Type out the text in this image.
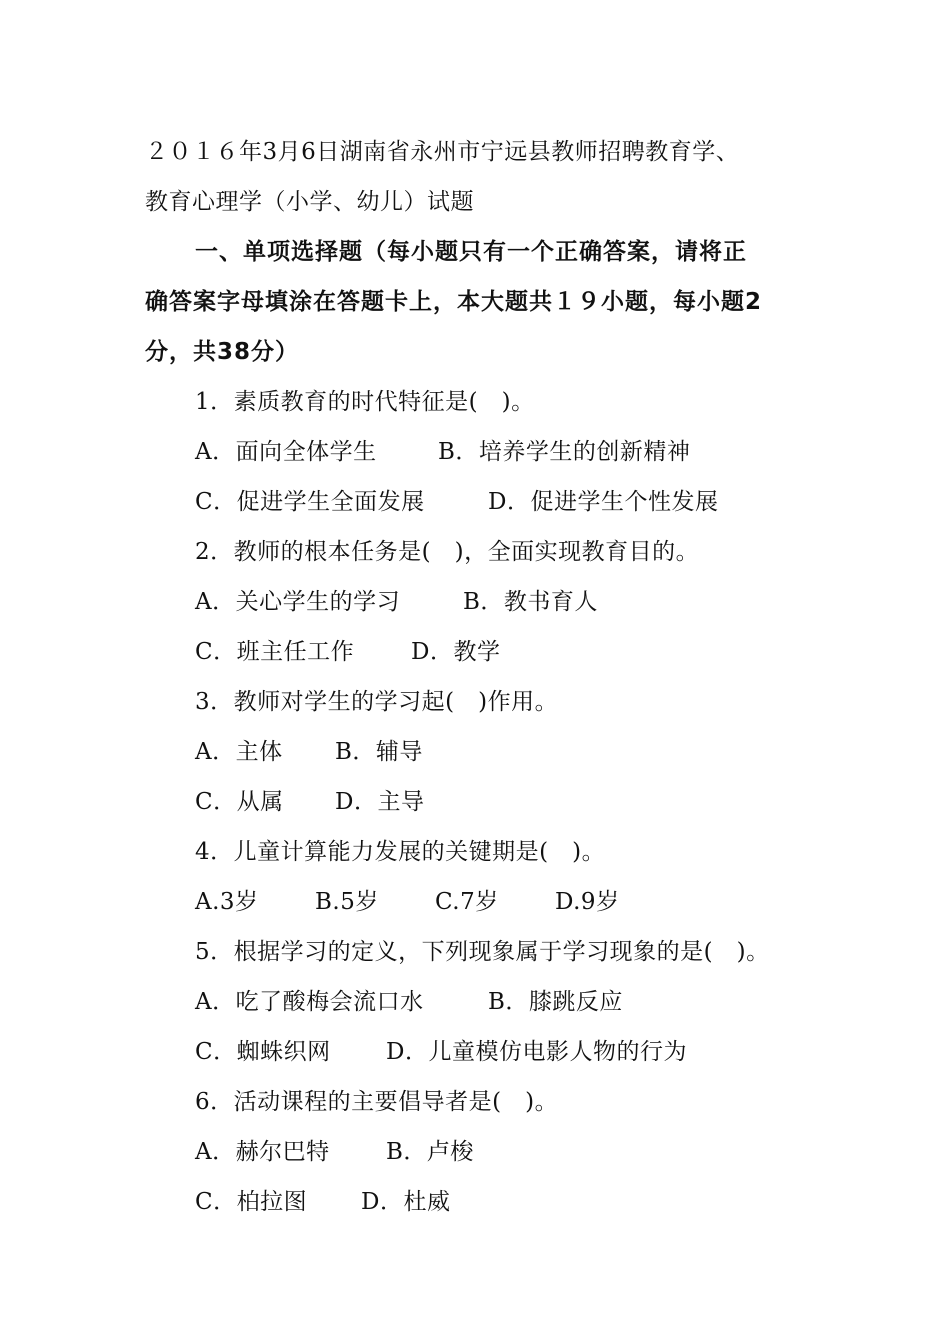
２０１６年3月6日湖南省永州市宁远县教师招聘教育学、
教育心理学（小学、幼儿）试题
一、单项选择题（每小题只有一个正确答案，请将正
确答案字母填涂在答题卡上，本大题共１９小题，每小题2
分，共38分）
1．素质教育的时代特征是(　)。
A．面向全体学生	B．培养学生的创新精神
C．促进学生全面发展	D．促进学生个性发展
2．教师的根本任务是(　)，全面实现教育目的。
A．关心学生的学习	B．教书育人
C．班主任工作 D．教学
3．教师对学生的学习起(　)作用。
A．主体 B．辅导
C．从属 D．主导
4．儿童计算能力发展的关键期是(　)。
A.3岁 B.5岁 C.7岁 D.9岁
5．根据学习的定义，下列现象属于学习现象的是(　)。
A．吃了酸梅会流口水	B．膝跳反应
C．蜘蛛织网 D．儿童模仿电影人物的行为
6．活动课程的主要倡导者是(　)。
A．赫尔巴特 B．卢梭
C．柏拉图 D．杜威
